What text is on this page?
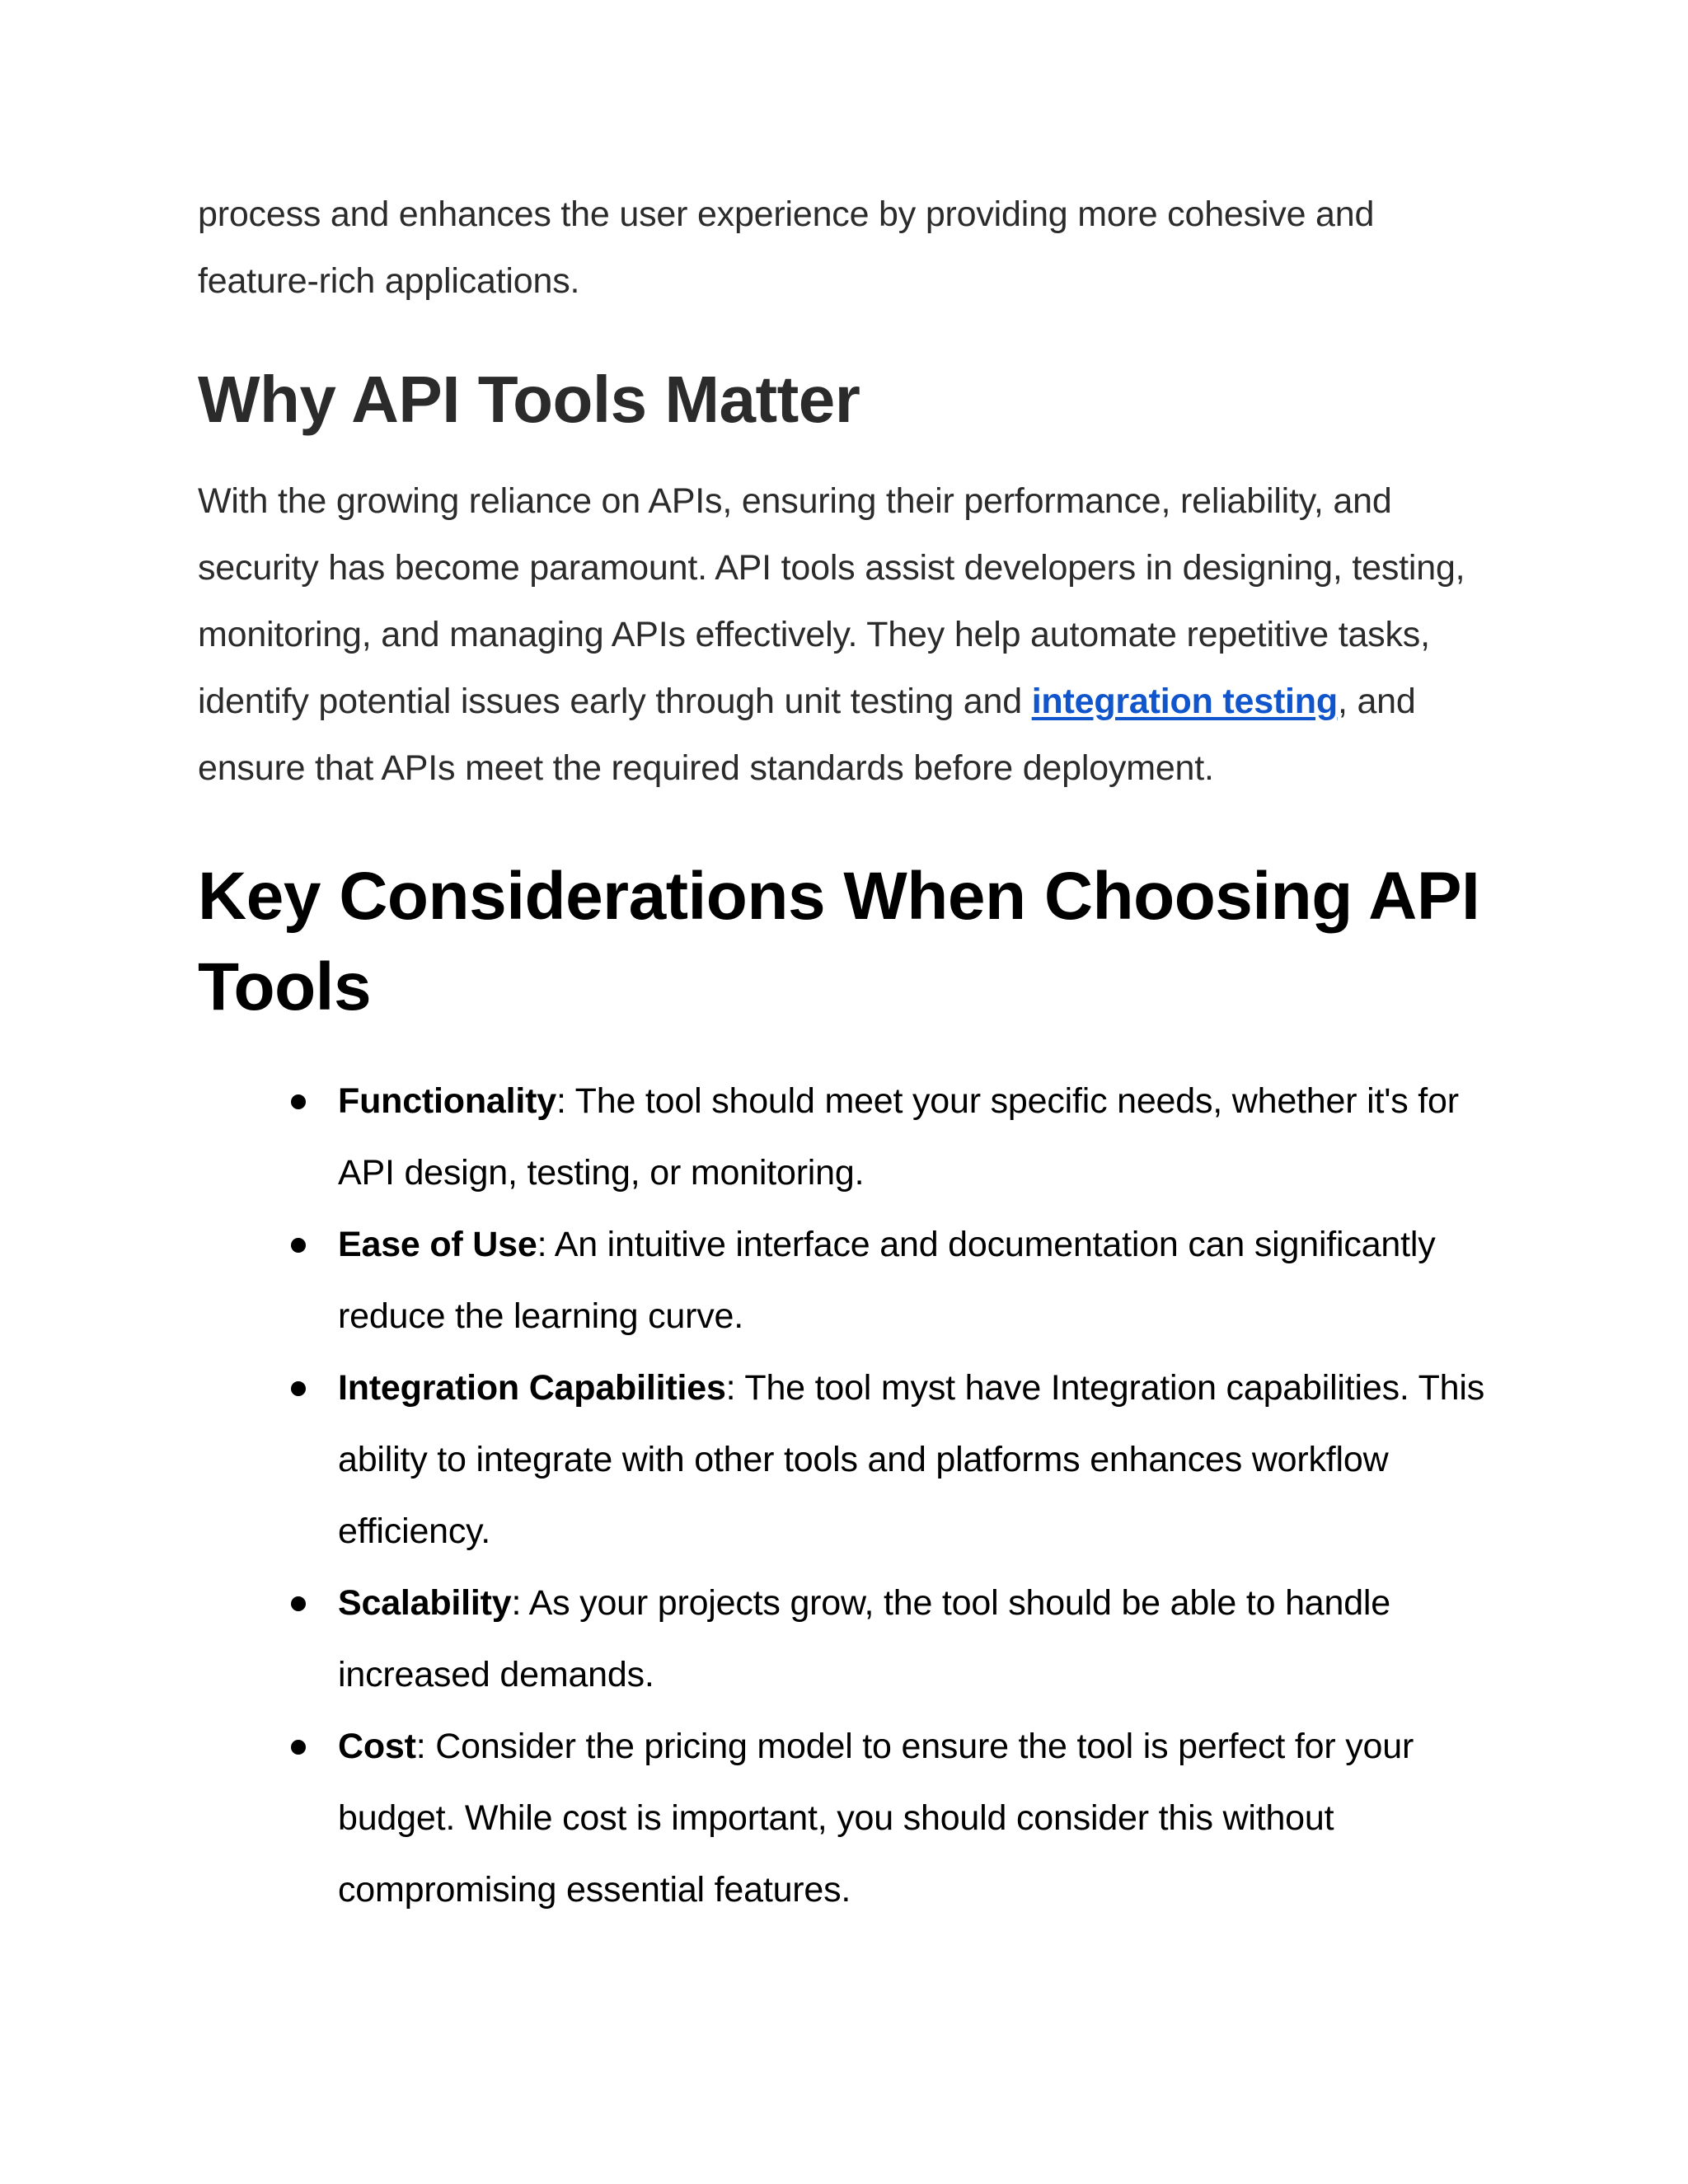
process and enhances the user experience by providing more cohesive and
feature-rich applications.

Why API Tools Matter

With the growing reliance on APIs, ensuring their performance, reliability, and security has become paramount. API tools assist developers in designing, testing, monitoring, and managing APIs effectively. They help automate repetitive tasks, identify potential issues early through unit testing and integration testing, and ensure that APIs meet the required standards before deployment.

Key Considerations When Choosing API Tools
Functionality: The tool should meet your specific needs, whether it's for API design, testing, or monitoring.
Ease of Use: An intuitive interface and documentation can significantly reduce the learning curve.
Integration Capabilities: The tool myst have Integration capabilities. This ability to integrate with other tools and platforms enhances workflow efficiency.
Scalability: As your projects grow, the tool should be able to handle increased demands.
Cost: Consider the pricing model to ensure the tool is perfect for your budget. While cost is important, you should consider this without compromising essential features.
